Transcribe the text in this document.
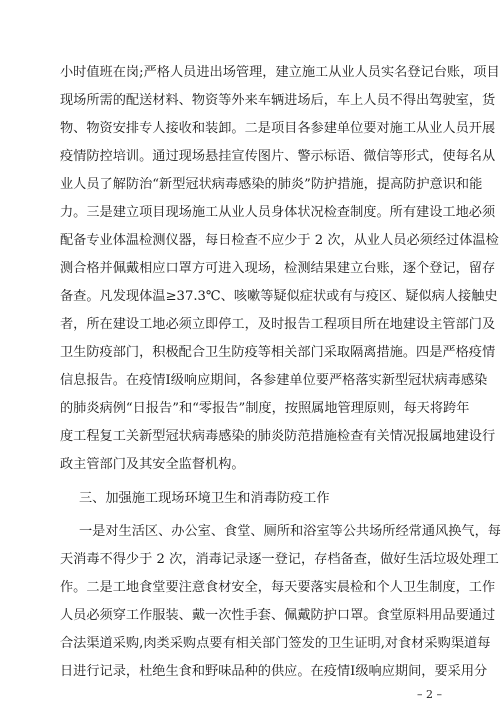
小时值班在岗;严格人员进出场管理，建立施工从业人员实名登记台账，项目
现场所需的配送材料、物资等外来车辆进场后，车上人员不得出驾驶室，货
物、物资安排专人接收和装卸。二是项目各参建单位要对施工从业人员开展
疫情防控培训。通过现场悬挂宣传图片、警示标语、微信等形式，使每名从
业人员了解防治“新型冠状病毒感染的肺炎”防护措施，提高防护意识和能
力。三是建立项目现场施工从业人员身体状况检查制度。所有建设工地必须
配备专业体温检测仪器，每日检查不应少于 2 次，从业人员必须经过体温检
测合格并佩戴相应口罩方可进入现场，检测结果建立台账，逐个登记，留存
备查。凡发现体温≥37.3℃、咳嗽等疑似症状或有与疫区、疑似病人接触史
者，所在建设工地必须立即停工，及时报告工程项目所在地建设主管部门及
卫生防疫部门，积极配合卫生防疫等相关部门采取隔离措施。四是严格疫情
信息报告。在疫情Ⅰ级响应期间，各参建单位要严格落实新型冠状病毒感染
的肺炎病例“日报告”和“零报告”制度，按照属地管理原则，每天将跨年
度工程复工关新型冠状病毒感染的肺炎防范措施检查有关情况报属地建设行
政主管部门及其安全监督机构。
三、加强施工现场环境卫生和消毒防疫工作
一是对生活区、办公室、食堂、厕所和浴室等公共场所经常通风换气，每
天消毒不得少于 2 次，消毒记录逐一登记，存档备查，做好生活垃圾处理工
作。二是工地食堂要注意食材安全，每天要落实晨检和个人卫生制度，工作
人员必须穿工作服装、戴一次性手套、佩戴防护口罩。食堂原料用品要通过
合法渠道采购,肉类采购点要有相关部门签发的卫生证明,对食材采购渠道每
日进行记录，杜绝生食和野味品种的供应。在疫情Ⅰ级响应期间，要采用分
– 2 –
